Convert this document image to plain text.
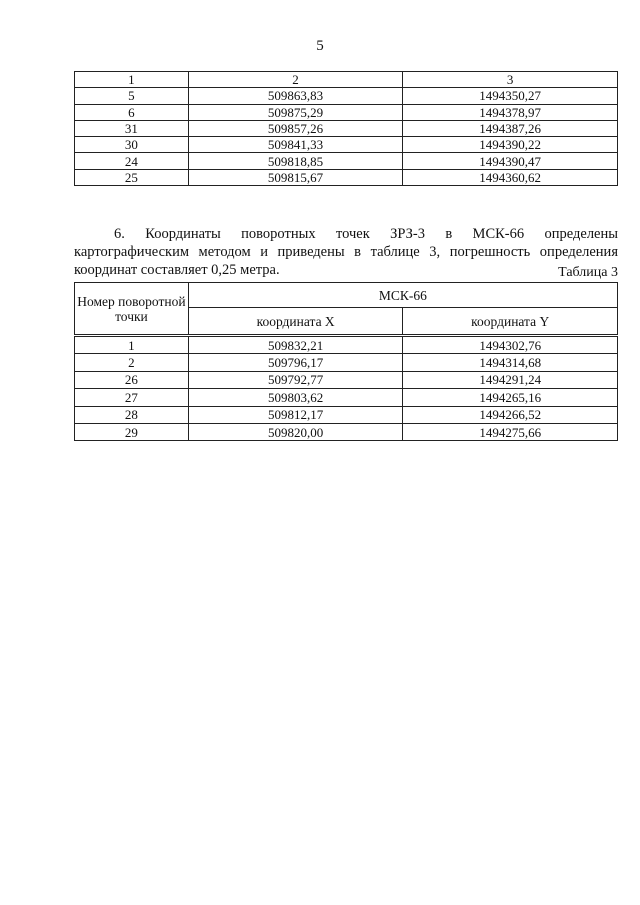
5
1	2	3
5	509863,83	1494350,27
6	509875,29	1494378,97
31	509857,26	1494387,26
30	509841,33	1494390,22
24	509818,85	1494390,47
25	509815,67	1494360,62

6. Координаты поворотных точек ЗРЗ-3 в МСК-66 определены картографическим методом и приведены в таблице 3, погрешность определения координат составляет 0,25 метра.	Таблица 3
Номер поворотной точки	МСК-66	
	координата X	координата Y
1	509832,21	1494302,76
2	509796,17	1494314,68
26	509792,77	1494291,24
27	509803,62	1494265,16
28	509812,17	1494266,52
29	509820,00	1494275,66
